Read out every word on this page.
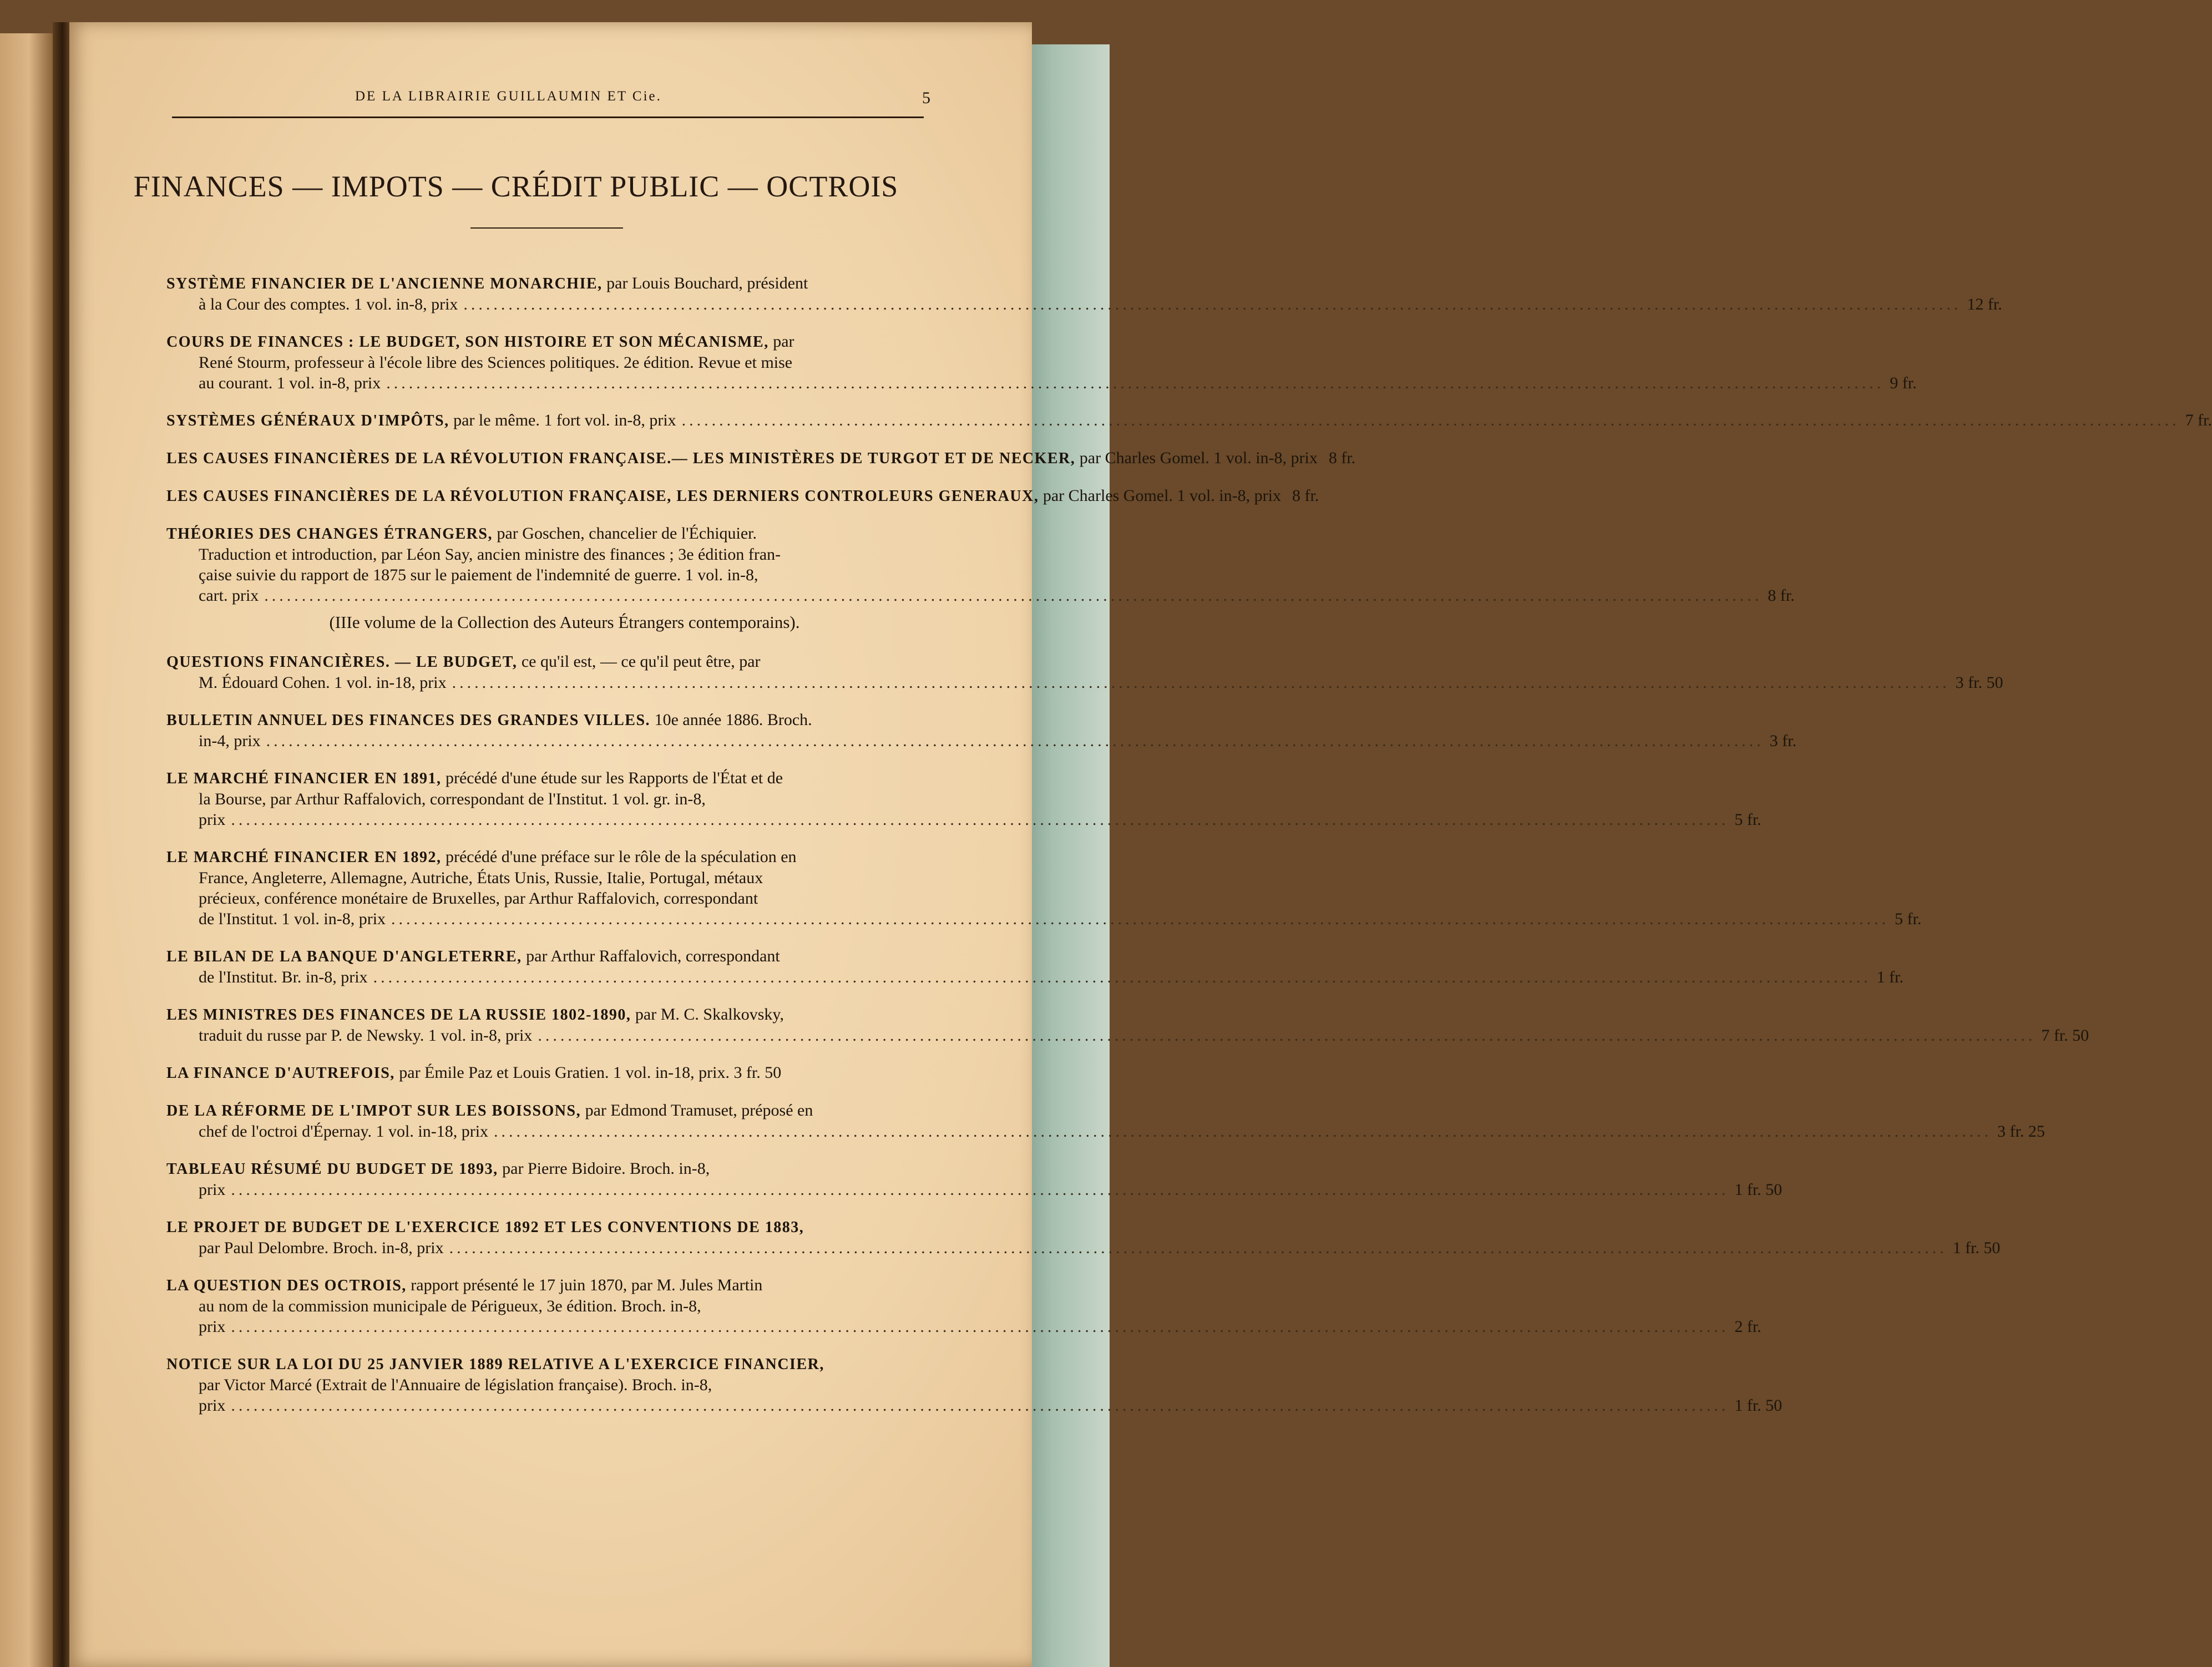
DE LA LIBRAIRIE GUILLAUMIN ET Cie.	5
FINANCES — IMPOTS — CRÉDIT PUBLIC — OCTROIS
SYSTÈME FINANCIER DE L'ANCIENNE MONARCHIE, par Louis Bouchard, président
à la Cour des comptes. 1 vol. in-8, prix ........................................................................................................................................................................................................ 12 fr.
COURS DE FINANCES : LE BUDGET, SON HISTOIRE ET SON MÉCANISME, par
René Stourm, professeur à l'école libre des Sciences politiques. 2e édition. Revue et mise
au courant. 1 vol. in-8, prix ........................................................................................................................................................................................................ 9 fr.
SYSTÈMES GÉNÉRAUX D'IMPÔTS, par le même. 1 fort vol. in-8, prix ........................................................................................................................................................................................................ 7 fr.
LES CAUSES FINANCIÈRES DE LA RÉVOLUTION FRANÇAISE.— LES MINISTÈRES DE TURGOT ET DE NECKER, par Charles Gomel. 1 vol. in-8, prix 8 fr.
LES CAUSES FINANCIÈRES DE LA RÉVOLUTION FRANÇAISE, LES DERNIERS CONTROLEURS GENERAUX, par Charles Gomel. 1 vol. in-8, prix 8 fr.
THÉORIES DES CHANGES ÉTRANGERS, par Goschen, chancelier de l'Échiquier.
Traduction et introduction, par Léon Say, ancien ministre des finances ; 3e édition fran-
çaise suivie du rapport de 1875 sur le paiement de l'indemnité de guerre. 1 vol. in-8,
cart. prix ........................................................................................................................................................................................................ 8 fr.
(IIIe volume de la Collection des Auteurs Étrangers contemporains).
QUESTIONS FINANCIÈRES. — LE BUDGET, ce qu'il est, — ce qu'il peut être, par
M. Édouard Cohen. 1 vol. in-18, prix ........................................................................................................................................................................................................ 3 fr. 50
BULLETIN ANNUEL DES FINANCES DES GRANDES VILLES. 10e année 1886. Broch.
in-4, prix ........................................................................................................................................................................................................ 3 fr.
LE MARCHÉ FINANCIER EN 1891, précédé d'une étude sur les Rapports de l'État et de
la Bourse, par Arthur Raffalovich, correspondant de l'Institut. 1 vol. gr. in-8,
prix ........................................................................................................................................................................................................ 5 fr.
LE MARCHÉ FINANCIER EN 1892, précédé d'une préface sur le rôle de la spéculation en
France, Angleterre, Allemagne, Autriche, États Unis, Russie, Italie, Portugal, métaux
précieux, conférence monétaire de Bruxelles, par Arthur Raffalovich, correspondant
de l'Institut. 1 vol. in-8, prix ........................................................................................................................................................................................................ 5 fr.
LE BILAN DE LA BANQUE D'ANGLETERRE, par Arthur Raffalovich, correspondant
de l'Institut. Br. in-8, prix ........................................................................................................................................................................................................ 1 fr.
LES MINISTRES DES FINANCES DE LA RUSSIE 1802-1890, par M. C. Skalkovsky,
traduit du russe par P. de Newsky. 1 vol. in-8, prix ........................................................................................................................................................................................................ 7 fr. 50
LA FINANCE D'AUTREFOIS, par Émile Paz et Louis Gratien. 1 vol. in-18, prix. 3 fr. 50
DE LA RÉFORME DE L'IMPOT SUR LES BOISSONS, par Edmond Tramuset, préposé en
chef de l'octroi d'Épernay. 1 vol. in-18, prix ........................................................................................................................................................................................................ 3 fr. 25
TABLEAU RÉSUMÉ DU BUDGET DE 1893, par Pierre Bidoire. Broch. in-8,
prix ........................................................................................................................................................................................................ 1 fr. 50
LE PROJET DE BUDGET DE L'EXERCICE 1892 ET LES CONVENTIONS DE 1883,
par Paul Delombre. Broch. in-8, prix ........................................................................................................................................................................................................ 1 fr. 50
LA QUESTION DES OCTROIS, rapport présenté le 17 juin 1870, par M. Jules Martin
au nom de la commission municipale de Périgueux, 3e édition. Broch. in-8,
prix ........................................................................................................................................................................................................ 2 fr.
NOTICE SUR LA LOI DU 25 JANVIER 1889 RELATIVE A L'EXERCICE FINANCIER,
par Victor Marcé (Extrait de l'Annuaire de législation française). Broch. in-8,
prix ........................................................................................................................................................................................................ 1 fr. 50
